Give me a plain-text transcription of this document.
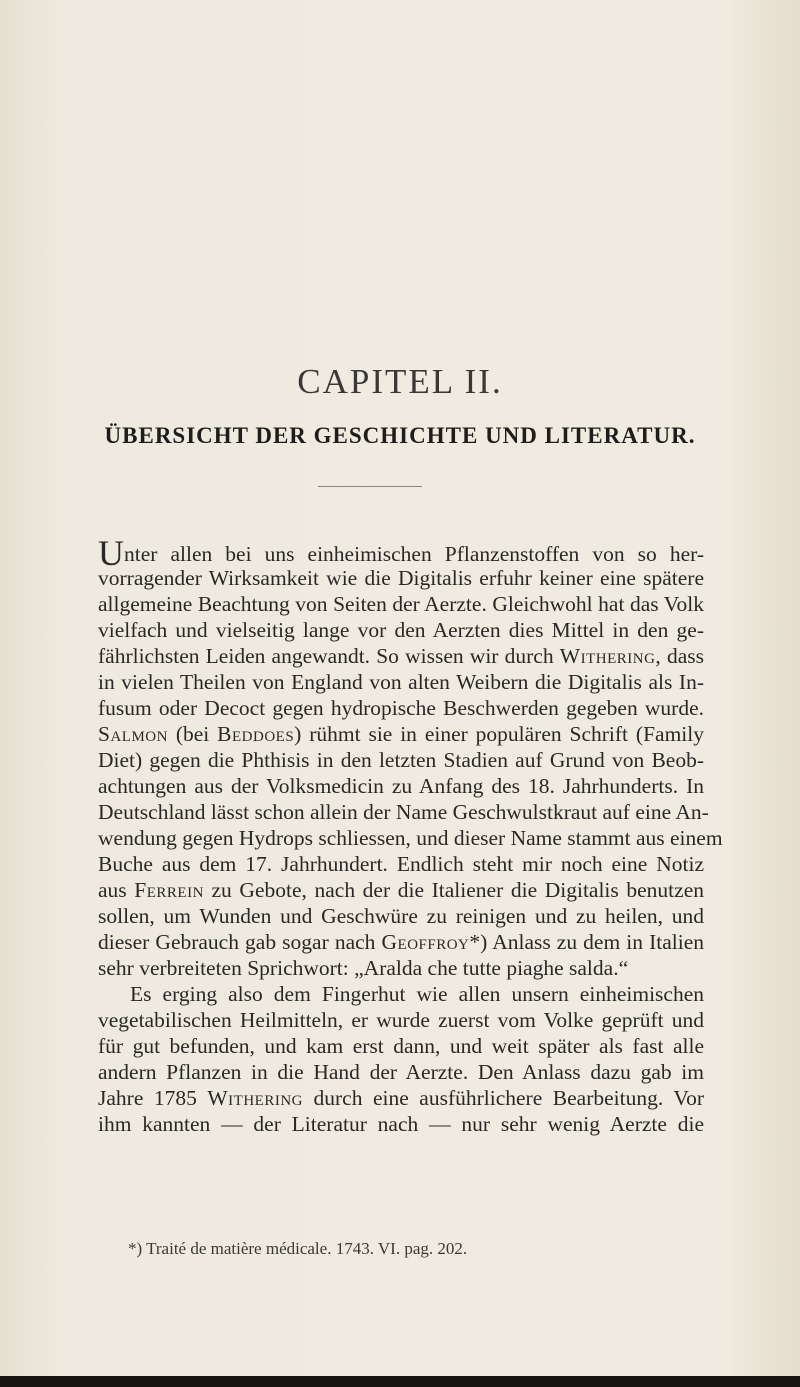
CAPITEL II.
ÜBERSICHT DER GESCHICHTE UND LITERATUR.
Unter allen bei uns einheimischen Pflanzenstoffen von so her-
vorragender Wirksamkeit wie die Digitalis erfuhr keiner eine spätere
allgemeine Beachtung von Seiten der Aerzte. Gleichwohl hat das Volk
vielfach und vielseitig lange vor den Aerzten dies Mittel in den ge-
fährlichsten Leiden angewandt. So wissen wir durch Withering, dass
in vielen Theilen von England von alten Weibern die Digitalis als In-
fusum oder Decoct gegen hydropische Beschwerden gegeben wurde.
Salmon (bei Beddoes) rühmt sie in einer populären Schrift (Family
Diet) gegen die Phthisis in den letzten Stadien auf Grund von Beob-
achtungen aus der Volksmedicin zu Anfang des 18. Jahrhunderts. In
Deutschland lässt schon allein der Name Geschwulstkraut auf eine An-
wendung gegen Hydrops schliessen, und dieser Name stammt aus einem
Buche aus dem 17. Jahrhundert. Endlich steht mir noch eine Notiz
aus Ferrein zu Gebote, nach der die Italiener die Digitalis benutzen
sollen, um Wunden und Geschwüre zu reinigen und zu heilen, und
dieser Gebrauch gab sogar nach Geoffroy*) Anlass zu dem in Italien
sehr verbreiteten Sprichwort: „Aralda che tutte piaghe salda.“
Es erging also dem Fingerhut wie allen unsern einheimischen
vegetabilischen Heilmitteln, er wurde zuerst vom Volke geprüft und
für gut befunden, und kam erst dann, und weit später als fast alle
andern Pflanzen in die Hand der Aerzte. Den Anlass dazu gab im
Jahre 1785 Withering durch eine ausführlichere Bearbeitung. Vor
ihm kannten — der Literatur nach — nur sehr wenig Aerzte die
*) Traité de matière médicale. 1743. VI. pag. 202.
